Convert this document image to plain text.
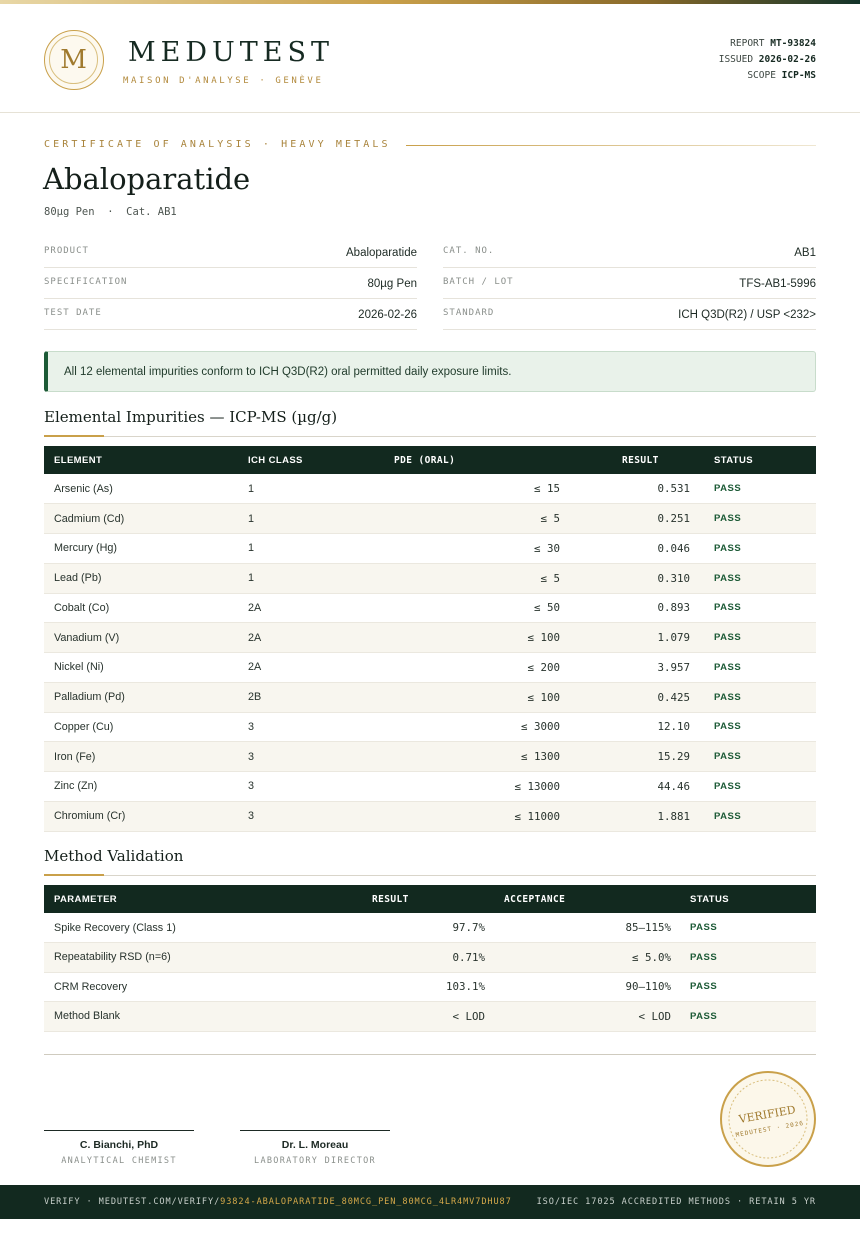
M	MEDUTEST
MAISON D'ANALYSE · GENÈVE
REPORT MT-93824
ISSUED 2026-02-26
SCOPE ICP-MS
CERTIFICATE OF ANALYSIS · HEAVY METALS
Abaloparatide
80µg Pen  ·  Cat. AB1
PRODUCT	Abaloparatide
SPECIFICATION	80µg Pen
TEST DATE	2026-02-26
CAT. NO.	AB1
BATCH / LOT	TFS-AB1-5996
STANDARD	ICH Q3D(R2) / USP <232>
All 12 elemental impurities conform to ICH Q3D(R2) oral permitted daily exposure limits.
Elemental Impurities — ICP-MS (µg/g)
ELEMENT	ICH CLASS	PDE (ORAL)	RESULT	STATUS
Arsenic (As)	1	≤ 15	0.531	PASS
Cadmium (Cd)	1	≤ 5	0.251	PASS
Mercury (Hg)	1	≤ 30	0.046	PASS
Lead (Pb)	1	≤ 5	0.310	PASS
Cobalt (Co)	2A	≤ 50	0.893	PASS
Vanadium (V)	2A	≤ 100	1.079	PASS
Nickel (Ni)	2A	≤ 200	3.957	PASS
Palladium (Pd)	2B	≤ 100	0.425	PASS
Copper (Cu)	3	≤ 3000	12.10	PASS
Iron (Fe)	3	≤ 1300	15.29	PASS
Zinc (Zn)	3	≤ 13000	44.46	PASS
Chromium (Cr)	3	≤ 11000	1.881	PASS
Method Validation
PARAMETER	RESULT	ACCEPTANCE	STATUS
Spike Recovery (Class 1)	97.7%	85–115%	PASS
Repeatability RSD (n=6)	0.71%	≤ 5.0%	PASS
CRM Recovery	103.1%	90–110%	PASS
Method Blank	< LOD	< LOD	PASS
C. Bianchi, PhD
ANALYTICAL CHEMIST
Dr. L. Moreau
LABORATORY DIRECTOR
VERIFIED
MEDUTEST · 2026
VERIFY · MEDUTEST.COM/VERIFY/93824-ABALOPARATIDE_80MCG_PEN_80MCG_4LR4MV7DHU87	ISO/IEC 17025 ACCREDITED METHODS · RETAIN 5 YR
